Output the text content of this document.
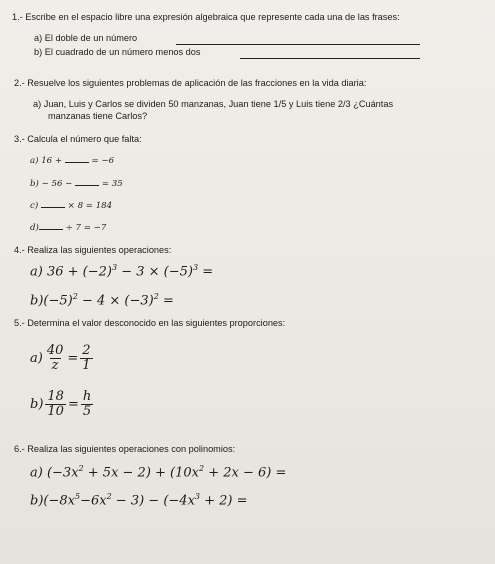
1.- Escribe en el espacio libre una expresión algebraica que represente cada una de las frases:
a) El doble de un número
b) El cuadrado de un número menos dos
2.- Resuelve los siguientes problemas de aplicación de las fracciones en la vida diaria:
a) Juan, Luis y Carlos se dividen 50 manzanas, Juan tiene 1/5 y Luis tiene 2/3 ¿Cuántas
manzanas tiene Carlos?
3.- Calcula el número que falta:
a) 16 +	= −6
b) − 56 −	= 35
c)	× 8 = 184
d)	÷ 7 = −7
4.- Realiza las siguientes operaciones:
a) $36 + (-2)^3 - 3 \times (-5)^3$ =
$b)(-5)^2 - 4 \times (-3)^2$ =
5.- Determina el valor desconocido en las siguientes proporciones:
$a) \frac{40}{z} = \frac{2}{1}$
$b) \frac{18}{10} = \frac{h}{5}$
6.- Realiza las siguientes operaciones con polinomios:
a) $(-3x^2 + 5x - 2) + (10x^2 + 2x - 6)$ =
$b)(-8x^5-6x^2 - 3) - (-4x^3 + 2)$ =
